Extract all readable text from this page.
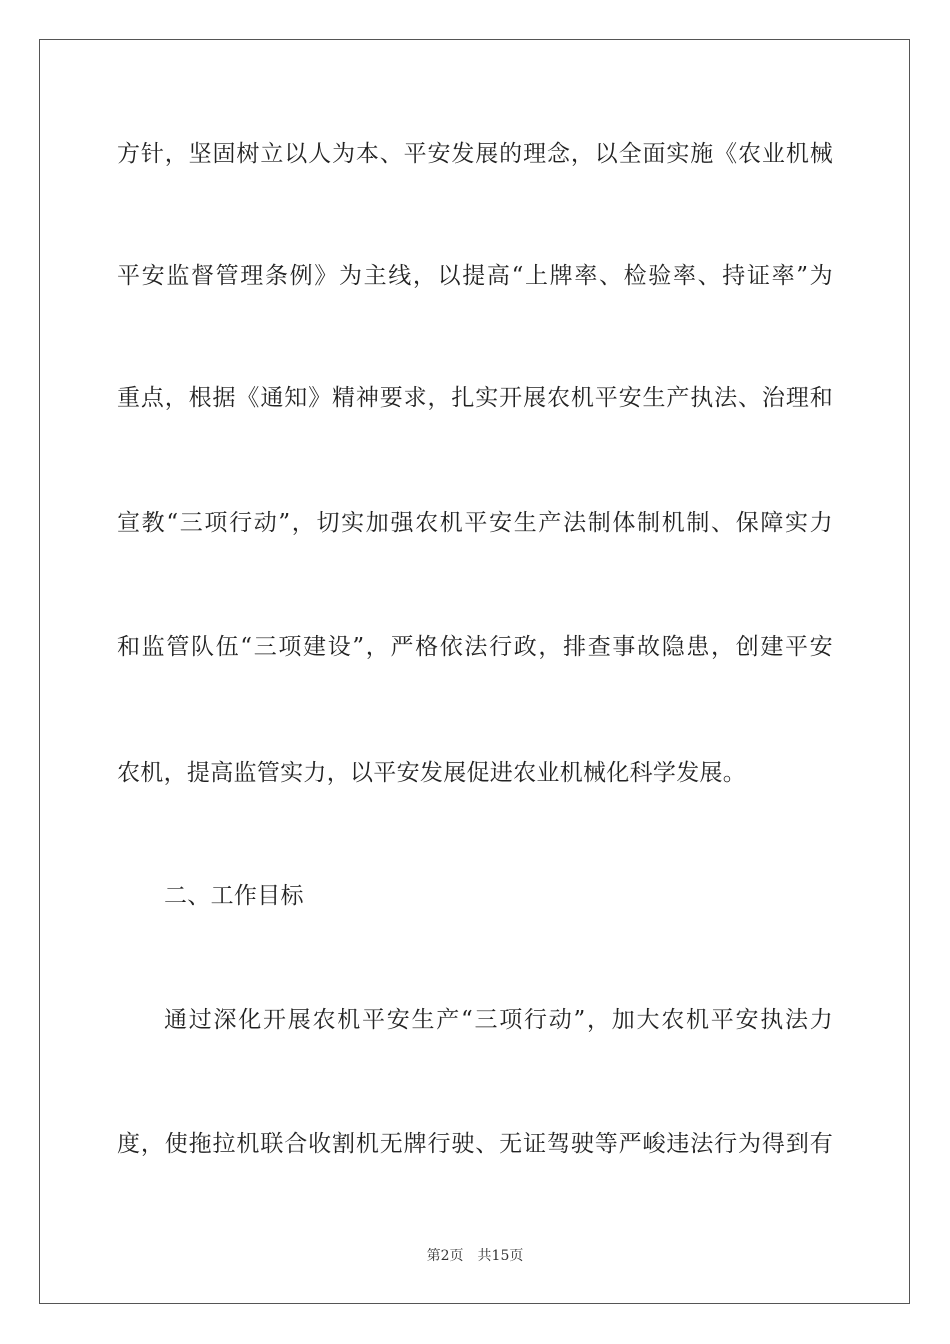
方针，坚固树立以人为本、平安发展的理念，以全面实施《农业机械
平安监督管理条例》为主线，以提高“上牌率、检验率、持证率”为
重点，根据《通知》精神要求，扎实开展农机平安生产执法、治理和
宣教“三项行动”，切实加强农机平安生产法制体制机制、保障实力
和监管队伍“三项建设”，严格依法行政，排查事故隐患，创建平安
农机，提高监管实力，以平安发展促进农业机械化科学发展。
二、工作目标
通过深化开展农机平安生产“三项行动”，加大农机平安执法力
度，使拖拉机联合收割机无牌行驶、无证驾驶等严峻违法行为得到有
第2页 共15页
